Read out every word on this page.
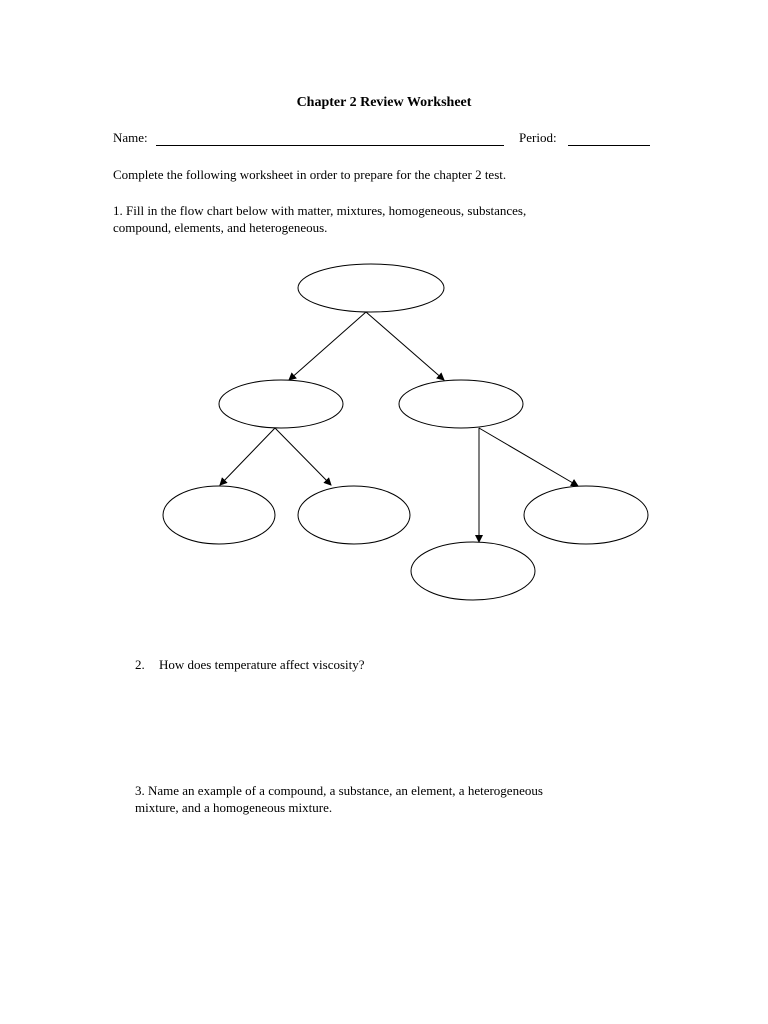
Chapter 2 Review Worksheet
Name:	Period:
Complete the following worksheet in order to prepare for the chapter 2 test.
1. Fill in the flow chart below with matter, mixtures, homogeneous, substances,
compound, elements, and heterogeneous.
2. How does temperature affect viscosity?
3. Name an example of a compound, a substance, an element, a heterogeneous
mixture, and a homogeneous mixture.
